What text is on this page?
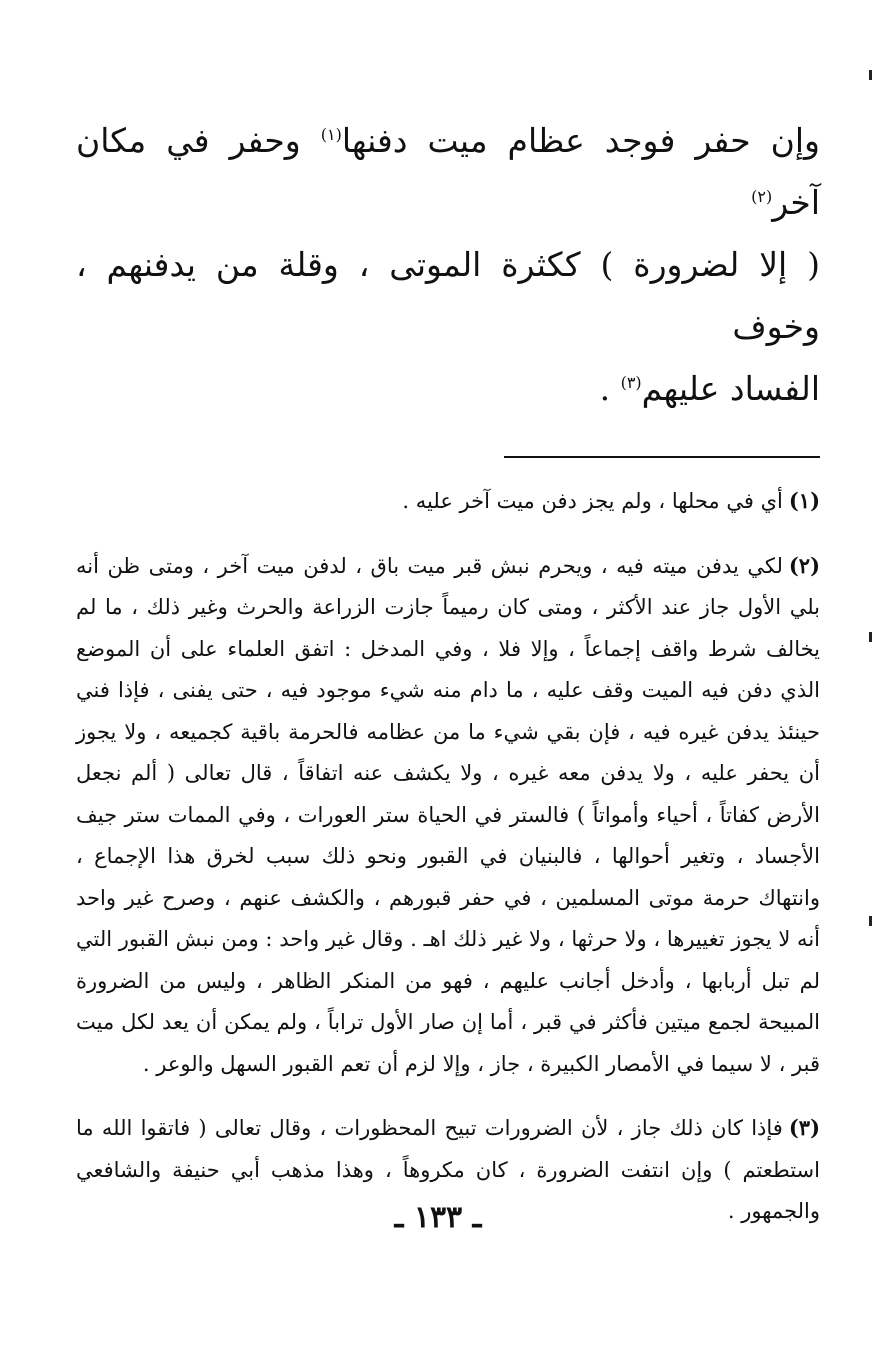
وإن حفر فوجد عظام ميت دفنها$^{(١)}$ وحفر في مكان آخر$^{(٢)}$

( إلا لضرورة ) ككثرة الموتى ، وقلة من يدفنهم ، وخوف

الفساد عليهم$^{(٣)}$ .

(١)أي في محلها ، ولم يجز دفن ميت آخر عليه .

(٢)لكي يدفن ميته فيه ، ويحرم نبش قبر ميت باق ، لدفن ميت آخر ، ومتى ظن أنه بلي الأول جاز عند الأكثر ، ومتى كان رميماً جازت الزراعة والحرث وغير ذلك ، ما لم يخالف شرط واقف إجماعاً ، وإلا فلا ، وفي المدخل : اتفق العلماء على أن الموضع الذي دفن فيه الميت وقف عليه ، ما دام منه شيء موجود فيه ، حتى يفنى ، فإذا فني حينئذ يدفن غيره فيه ، فإن بقي شيء ما من عظامه فالحرمة باقية كجميعه ، ولا يجوز أن يحفر عليه ، ولا يدفن معه غيره ، ولا يكشف عنه اتفاقاً ، قال تعالى ( ألم نجعل الأرض كفاتاً ، أحياء وأمواتاً ) فالستر في الحياة ستر العورات ، وفي الممات ستر جيف الأجساد ، وتغير أحوالها ، فالبنيان في القبور ونحو ذلك سبب لخرق هذا الإجماع ، وانتهاك حرمة موتى المسلمين ، في حفر قبورهم ، والكشف عنهم ، وصرح غير واحد أنه لا يجوز تغييرها ، ولا حرثها ، ولا غير ذلك اهـ . وقال غير واحد : ومن نبش القبور التي لم تبل أربابها ، وأدخل أجانب عليهم ، فهو من المنكر الظاهر ، وليس من الضرورة المبيحة لجمع ميتين فأكثر في قبر ، أما إن صار الأول تراباً ، ولم يمكن أن يعد لكل ميت قبر ، لا سيما في الأمصار الكبيرة ، جاز ، وإلا لزم أن تعم القبور السهل والوعر .

(٣)فإذا كان ذلك جاز ، لأن الضرورات تبيح المحظورات ، وقال تعالى ( فاتقوا الله ما استطعتم ) وإن انتفت الضرورة ، كان مكروهاً ، وهذا مذهب أبي حنيفة والشافعي والجمهور .

ـ ١٣٣ ـ
